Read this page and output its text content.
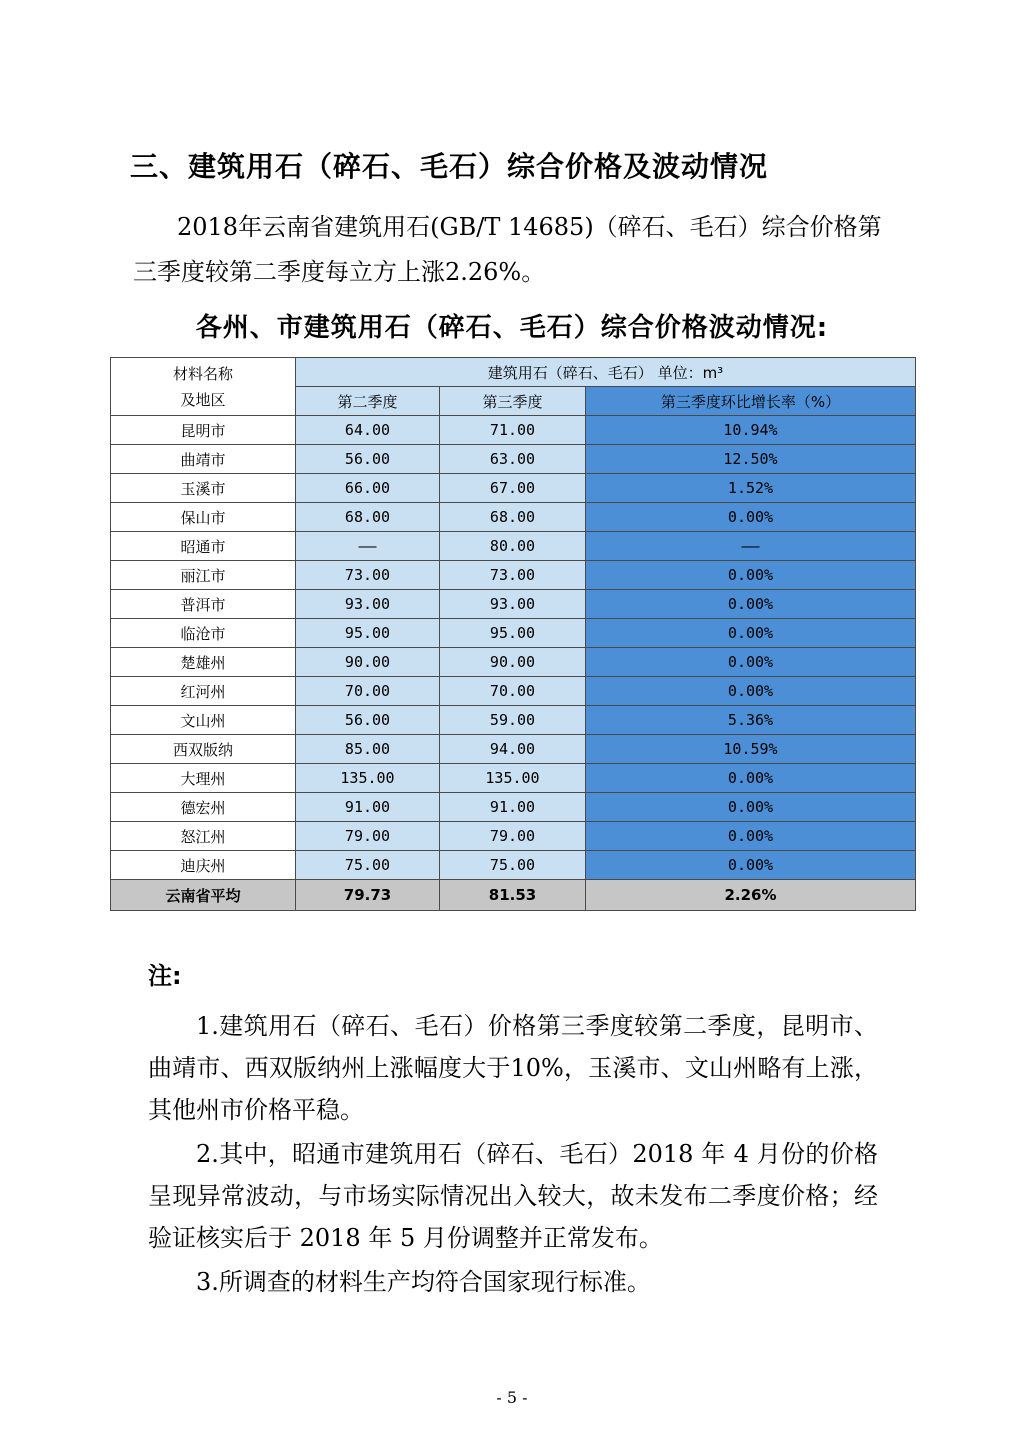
三、建筑用石（碎石、毛石）综合价格及波动情况
2018年云南省建筑用石(GB/T 14685)（碎石、毛石）综合价格第
三季度较第二季度每立方上涨2.26%。
各州、市建筑用石（碎石、毛石）综合价格波动情况:
材料名称
及地区	建筑用石（碎石、毛石） 单位：m³		
	第二季度	第三季度	第三季度环比增长率（%）
昆明市	64.00	71.00	10.94%
曲靖市	56.00	63.00	12.50%
玉溪市	66.00	67.00	1.52%
保山市	68.00	68.00	0.00%
昭通市	——	80.00	——
丽江市	73.00	73.00	0.00%
普洱市	93.00	93.00	0.00%
临沧市	95.00	95.00	0.00%
楚雄州	90.00	90.00	0.00%
红河州	70.00	70.00	0.00%
文山州	56.00	59.00	5.36%
西双版纳	85.00	94.00	10.59%
大理州	135.00	135.00	0.00%
德宏州	91.00	91.00	0.00%
怒江州	79.00	79.00	0.00%
迪庆州	75.00	75.00	0.00%
云南省平均	79.73	81.53	2.26%
注:

1.建筑用石（碎石、毛石）价格第三季度较第二季度，昆明市、曲靖市、西双版纳州上涨幅度大于10%，玉溪市、文山州略有上涨，其他州市价格平稳。

2.其中，昭通市建筑用石（碎石、毛石）2018 年 4 月份的价格呈现异常波动，与市场实际情况出入较大，故未发布二季度价格；经验证核实后于 2018 年 5 月份调整并正常发布。

3.所调查的材料生产均符合国家现行标准。

- 5 -
